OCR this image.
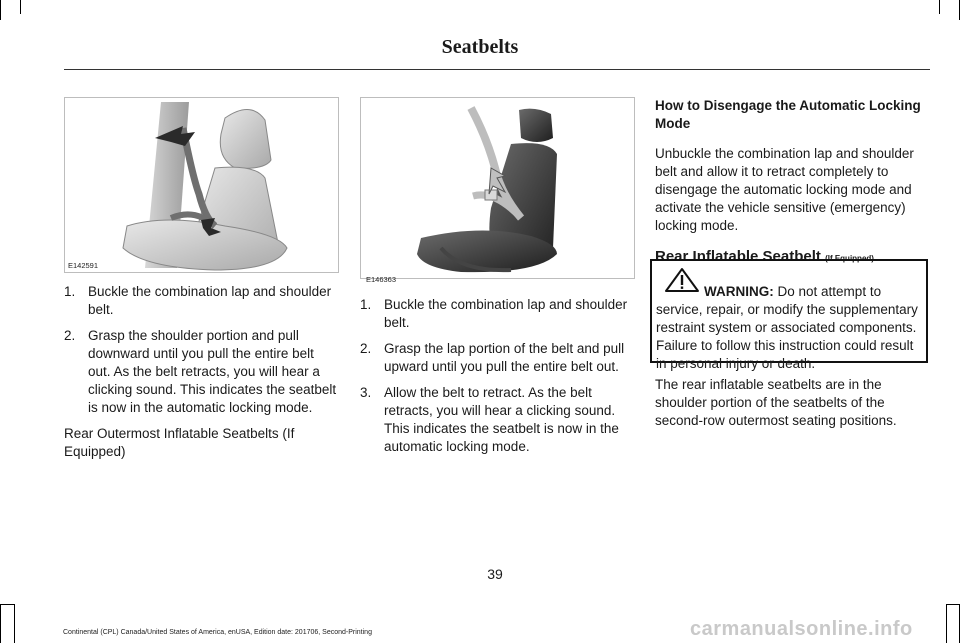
Seatbelts
E142591
1. Buckle the combination lap and shoulder belt.
2. Grasp the shoulder portion and pull downward until you pull the entire belt out. As the belt retracts, you will hear a clicking sound. This indicates the seatbelt is now in the automatic locking mode.

Rear Outermost Inflatable Seatbelts (If Equipped)

E146363
1. Buckle the combination lap and shoulder belt.
2. Grasp the lap portion of the belt and pull upward until you pull the entire belt out.
3. Allow the belt to retract. As the belt retracts, you will hear a clicking sound. This indicates the seatbelt is now in the automatic locking mode.

How to Disengage the Automatic Locking Mode

Unbuckle the combination lap and shoulder belt and allow it to retract completely to disengage the automatic locking mode and activate the vehicle sensitive (emergency) locking mode.

Rear Inflatable Seatbelt (If Equipped)

WARNING: Do not attempt to service, repair, or modify the supplementary restraint system or associated components. Failure to follow this instruction could result in personal injury or death.

The rear inflatable seatbelts are in the shoulder portion of the seatbelts of the second-row outermost seating positions.

39
Continental (CPL) Canada/United States of America, enUSA, Edition date: 201706, Second-Printing	carmanualsonline.info
